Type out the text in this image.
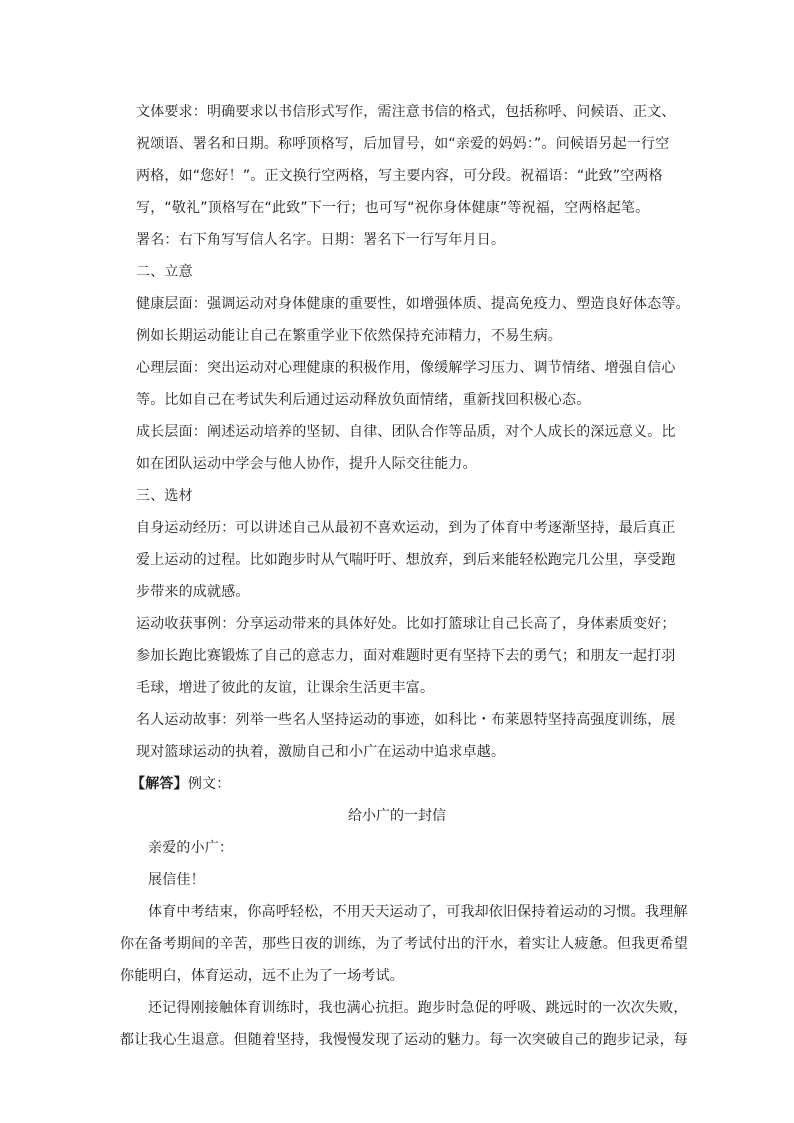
文体要求：明确要求以书信形式写作，需注意书信的格式，包括称呼、问候语、正文、
祝颂语、署名和日期。称呼顶格写，后加冒号，如“亲爱的妈妈：”。问候语另起一行空
两格，如“您好！”。正文换行空两格，写主要内容，可分段。祝福语：“此致”空两格
写，“敬礼”顶格写在“此致”下一行；也可写“祝你身体健康”等祝福，空两格起笔。
署名：右下角写写信人名字。日期：署名下一行写年月日。
二、立意
健康层面：强调运动对身体健康的重要性，如增强体质、提高免疫力、塑造良好体态等。
例如长期运动能让自己在繁重学业下依然保持充沛精力，不易生病。
心理层面：突出运动对心理健康的积极作用，像缓解学习压力、调节情绪、增强自信心
等。比如自己在考试失利后通过运动释放负面情绪，重新找回积极心态。
成长层面：阐述运动培养的坚韧、自律、团队合作等品质，对个人成长的深远意义。比
如在团队运动中学会与他人协作，提升人际交往能力。
三、选材
自身运动经历：可以讲述自己从最初不喜欢运动，到为了体育中考逐渐坚持，最后真正
爱上运动的过程。比如跑步时从气喘吁吁、想放弃，到后来能轻松跑完几公里，享受跑
步带来的成就感。
运动收获事例：分享运动带来的具体好处。比如打篮球让自己长高了，身体素质变好；
参加长跑比赛锻炼了自己的意志力，面对难题时更有坚持下去的勇气；和朋友一起打羽
毛球，增进了彼此的友谊，让课余生活更丰富。
名人运动故事：列举一些名人坚持运动的事迹，如科比・布莱恩特坚持高强度训练，展
现对篮球运动的执着，激励自己和小广在运动中追求卓越。
【解答】例文：
给小广的一封信
亲爱的小广：
展信佳！
体育中考结束，你高呼轻松，不用天天运动了，可我却依旧保持着运动的习惯。我理解
你在备考期间的辛苦，那些日夜的训练，为了考试付出的汗水，着实让人疲惫。但我更希望
你能明白，体育运动，远不止为了一场考试。
还记得刚接触体育训练时，我也满心抗拒。跑步时急促的呼吸、跳远时的一次次失败，
都让我心生退意。但随着坚持，我慢慢发现了运动的魅力。每一次突破自己的跑步记录，每
